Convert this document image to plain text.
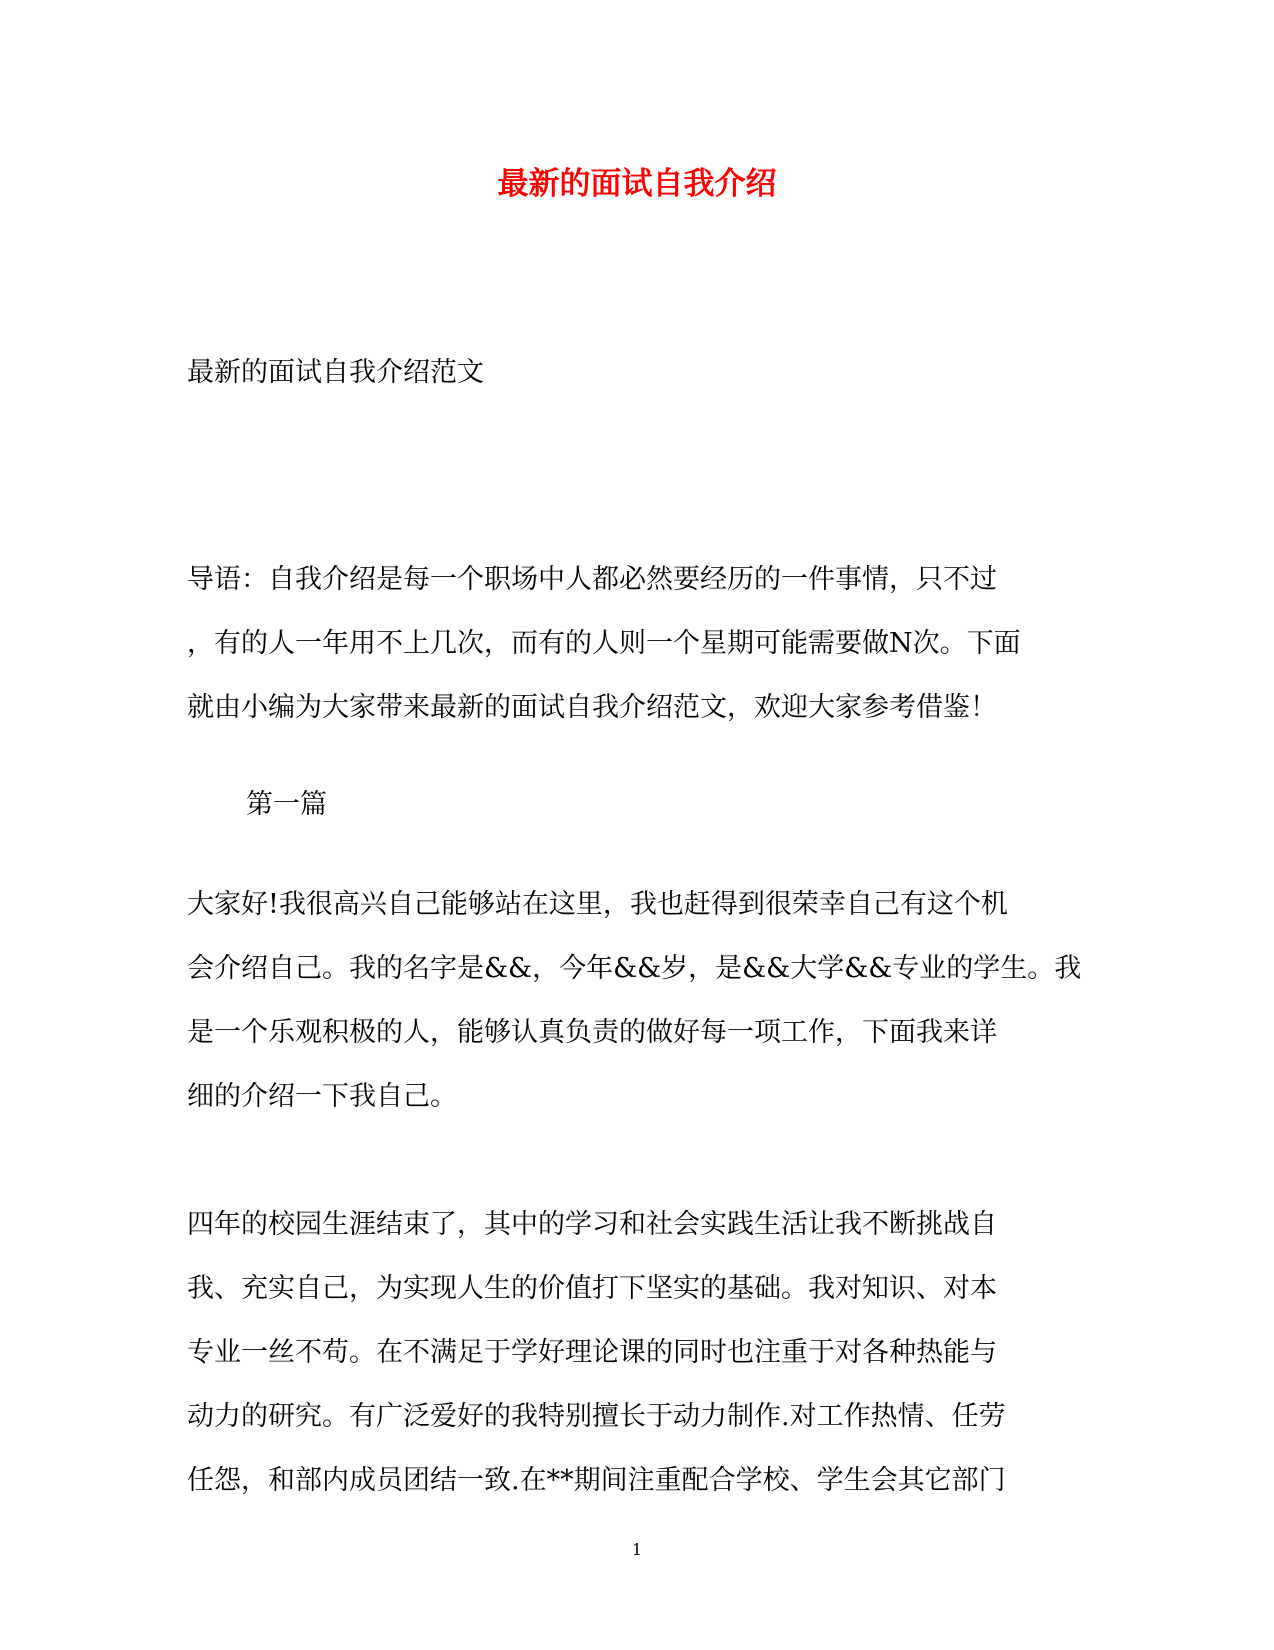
最新的面试自我介绍
最新的面试自我介绍范文
导语：自我介绍是每一个职场中人都必然要经历的一件事情，只不过
，有的人一年用不上几次，而有的人则一个星期可能需要做N次。下面
就由小编为大家带来最新的面试自我介绍范文，欢迎大家参考借鉴！
第一篇
大家好!我很高兴自己能够站在这里，我也赶得到很荣幸自己有这个机
会介绍自己。我的名字是&&，今年&&岁，是&&大学&&专业的学生。我
是一个乐观积极的人，能够认真负责的做好每一项工作，下面我来详
细的介绍一下我自己。
四年的校园生涯结束了，其中的学习和社会实践生活让我不断挑战自
我、充实自己，为实现人生的价值打下坚实的基础。我对知识、对本
专业一丝不苟。在不满足于学好理论课的同时也注重于对各种热能与
动力的研究。有广泛爱好的我特别擅长于动力制作.对工作热情、任劳
任怨，和部内成员团结一致.在**期间注重配合学校、学生会其它部门
1
